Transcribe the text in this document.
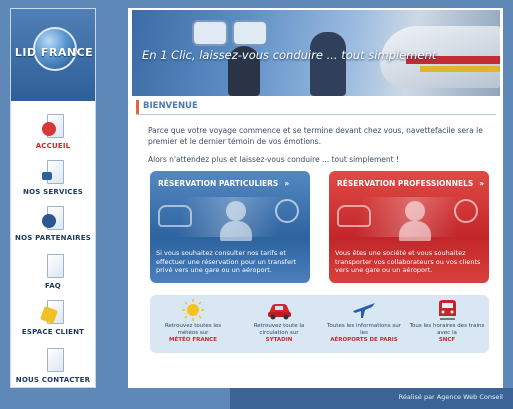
LID FRANCE
ACCUEIL
NOS SERVICES
NOS PARTENAIRES
FAQ
ESPACE CLIENT
NOUS CONTACTER
En 1 Clic, laissez-vous conduire ... tout simplement
BIENVENUE

Parce que votre voyage commence et se termine devant chez vous, navettefacile sera le premier et le dernier témoin de vos émotions.

Alors n'attendez plus et laissez-vous conduire ... tout simplement !

RÉSERVATION PARTICULIERS »
Si vous souhaitez consulter nos tarifs et effectuer une réservation pour un transfert privé vers une gare ou un aéroport.
RÉSERVATION PROFESSIONNELS »
Vous êtes une société et vous souhaitez transporter vos collaborateurs ou vos clients vers une gare ou un aéroport.
Retrouvez toutes les météos sur
MÉTÉO FRANCE
Retrouvez toute la circulation sur
SYTADIN
Toutes les informations sur les
AÉROPORTS DE PARIS
Tous les horaires des trains avec la
SNCF
Réalisé par Agence Web Conseil
